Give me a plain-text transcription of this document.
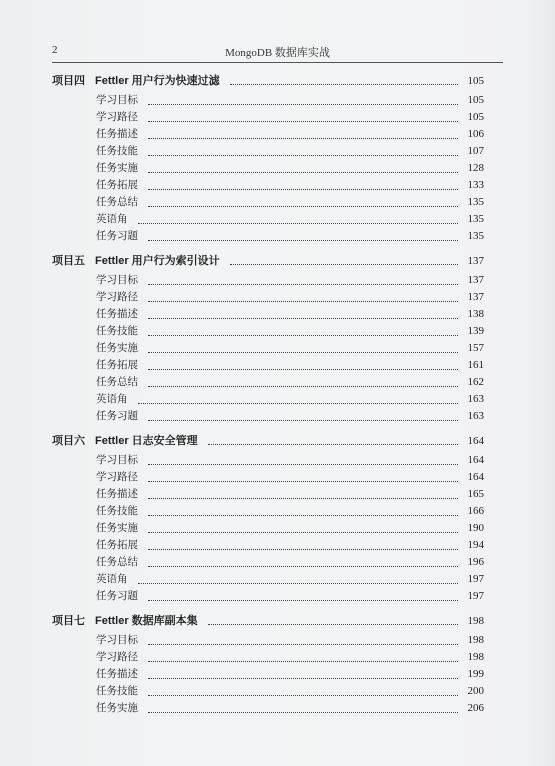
2	MongoDB 数据库实战
项目四 Fettler 用户行为快速过滤	105
学习目标	105
学习路径	105
任务描述	106
任务技能	107
任务实施	128
任务拓展	133
任务总结	135
英语角	135
任务习题	135
项目五 Fettler 用户行为索引设计	137
学习目标	137
学习路径	137
任务描述	138
任务技能	139
任务实施	157
任务拓展	161
任务总结	162
英语角	163
任务习题	163
项目六 Fettler 日志安全管理	164
学习目标	164
学习路径	164
任务描述	165
任务技能	166
任务实施	190
任务拓展	194
任务总结	196
英语角	197
任务习题	197
项目七 Fettler 数据库副本集	198
学习目标	198
学习路径	198
任务描述	199
任务技能	200
任务实施	206
